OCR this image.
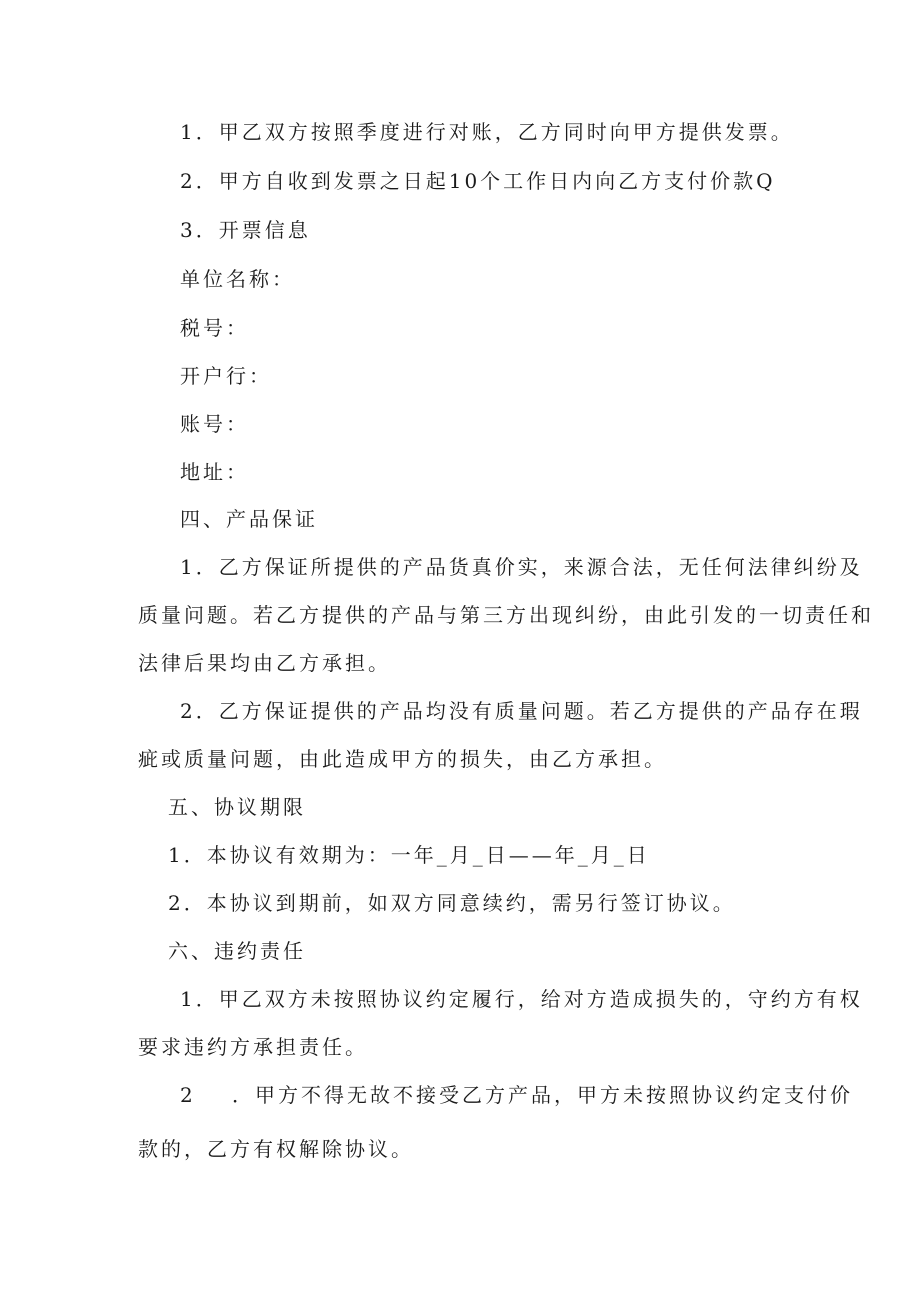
1．甲乙双方按照季度进行对账，乙方同时向甲方提供发票。
2．甲方自收到发票之日起10个工作日内向乙方支付价款Q
3．开票信息
单位名称：
税号：
开户行：
账号：
地址：
四、产品保证
1．乙方保证所提供的产品货真价实，来源合法，无任何法律纠纷及
质量问题。若乙方提供的产品与第三方出现纠纷，由此引发的一切责任和
法律后果均由乙方承担。
2．乙方保证提供的产品均没有质量问题。若乙方提供的产品存在瑕
疵或质量问题，由此造成甲方的损失，由乙方承担。
五、协议期限
1．本协议有效期为：一年_月_日——年_月_日
2．本协议到期前，如双方同意续约，需另行签订协议。
六、违约责任
1．甲乙双方未按照协议约定履行，给对方造成损失的，守约方有权
要求违约方承担责任。
2 ．甲方不得无故不接受乙方产品，甲方未按照协议约定支付价
款的，乙方有权解除协议。
